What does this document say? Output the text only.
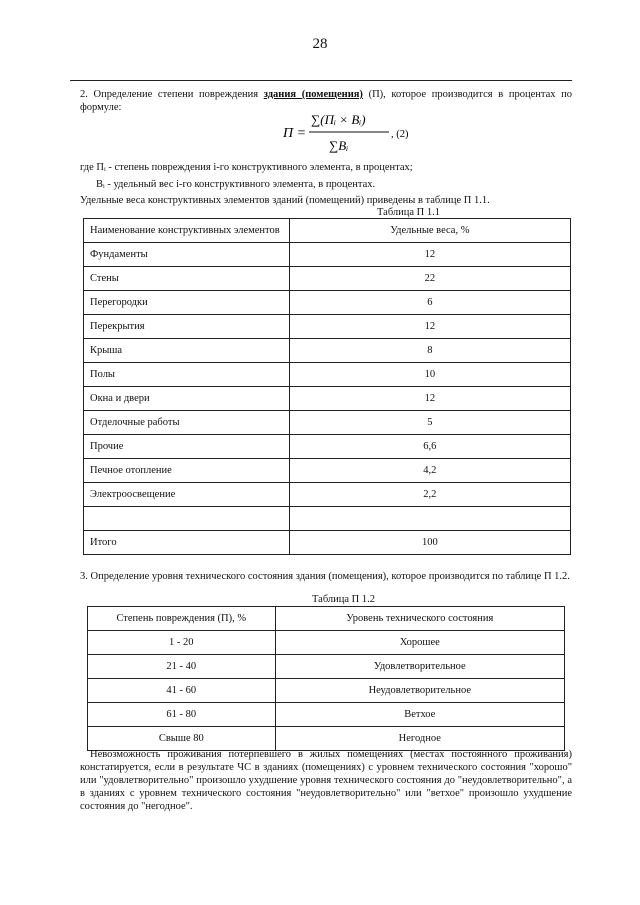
28
2. Определение степени повреждения здания (помещения) (П), которое производится в процентах по формуле:
П =
∑(Пᵢ × Bᵢ)
∑Bᵢ
, (2)
где Пᵢ - степень повреждения i-го конструктивного элемента, в процентах;
Bᵢ - удельный вес i-го конструктивного элемента, в процентах.
Удельные веса конструктивных элементов зданий (помещений) приведены в таблице П 1.1.
Таблица П 1.1
Наименование конструктивных элементов	Удельные веса, %
Фундаменты	12
Стены	22
Перегородки	6
Перекрытия	12
Крыша	8
Полы	10
Окна и двери	12
Отделочные работы	5
Прочие	6,6
Печное отопление	4,2
Электроосвещение	2,2

Итого	100
3. Определение уровня технического состояния здания (помещения), которое производится по таблице П 1.2.
Таблица П 1.2
Степень повреждения (П), %	Уровень технического состояния
1 - 20	Хорошее
21 - 40	Удовлетворительное
41 - 60	Неудовлетворительное
61 - 80	Ветхое
Свыше 80	Негодное
Невозможность проживания потерпевшего в жилых помещениях (местах постоянного проживания) констатируется, если в результате ЧС в зданиях (помещениях) с уровнем технического состояния "хорошо" или "удовлетворительно" произошло ухудшение уровня технического состояния до "неудовлетворительно", а в зданиях с уровнем технического состояния "неудовлетворительно" или "ветхое" произошло ухудшение состояния до "негодное".
